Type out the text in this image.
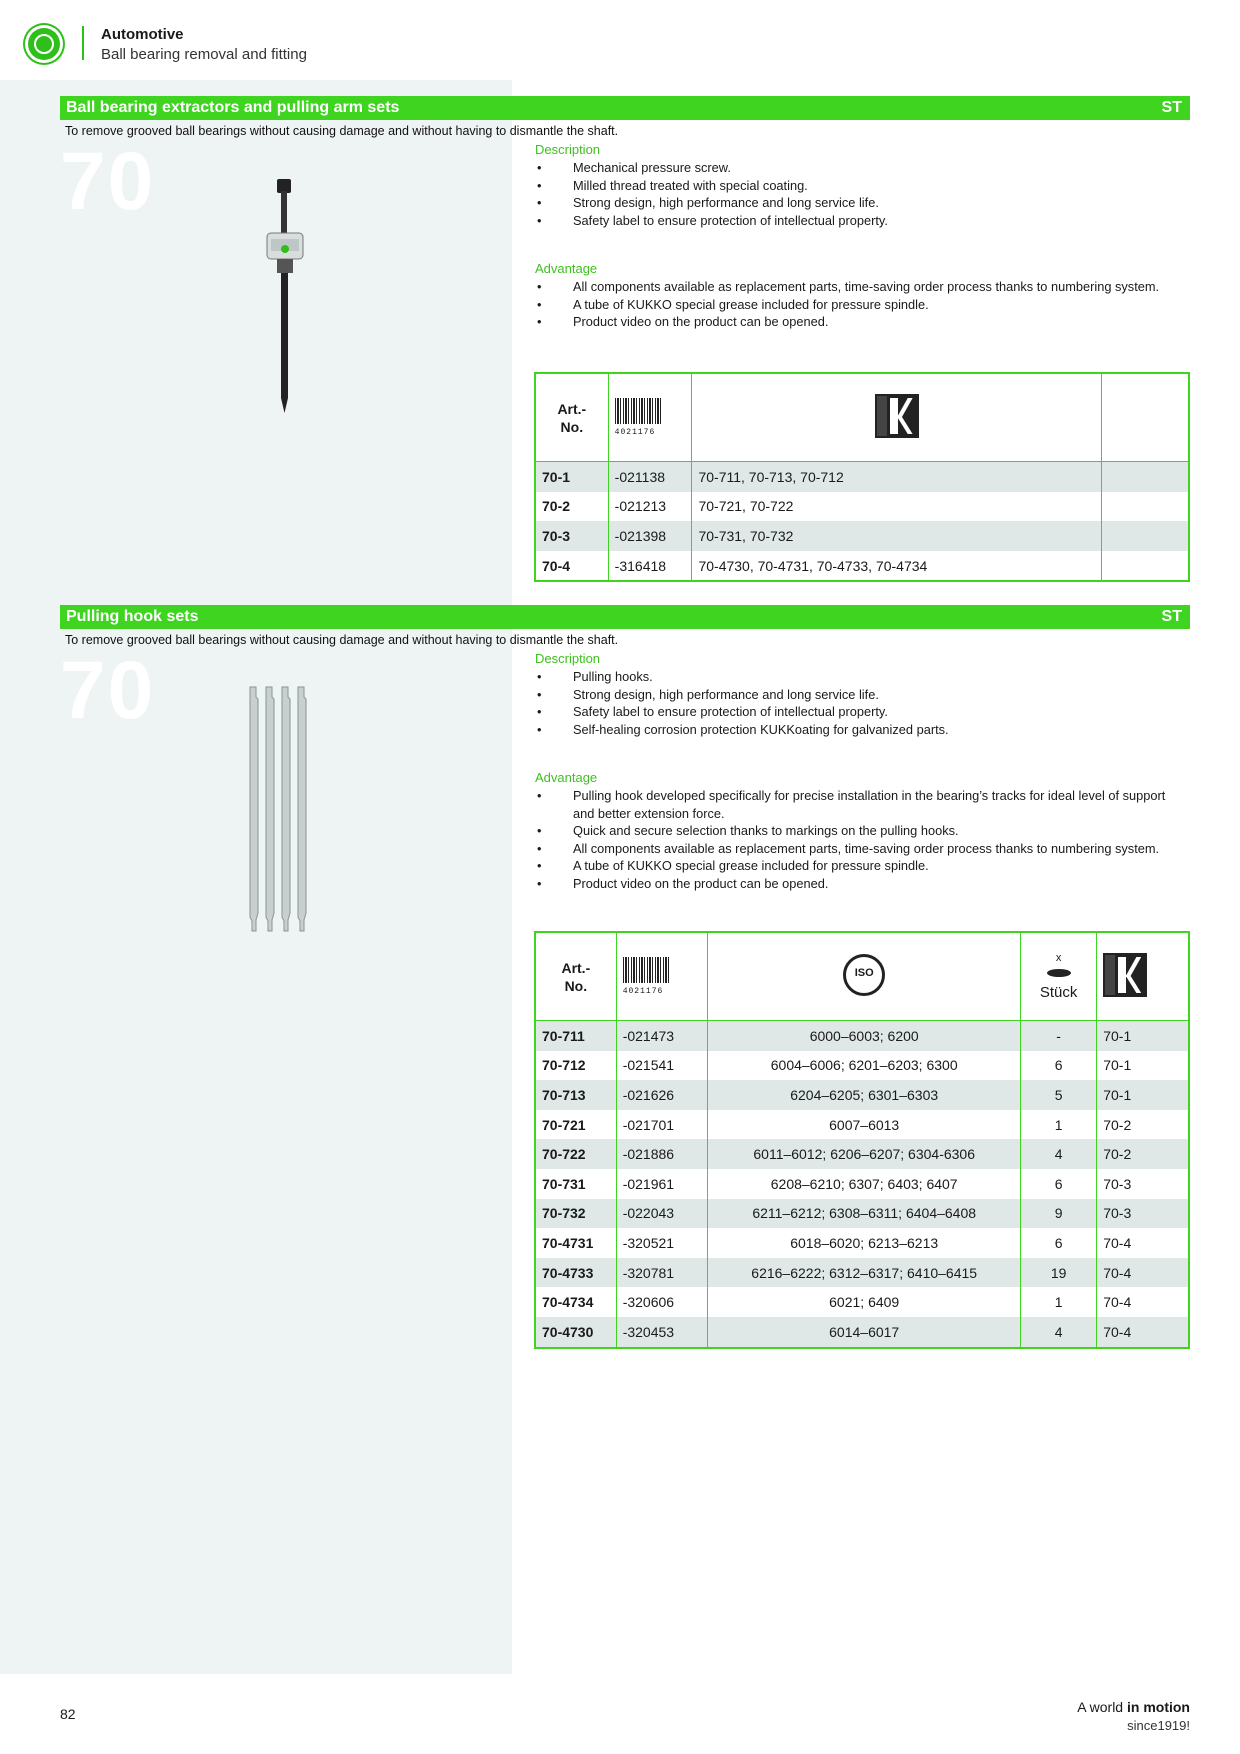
Automotive
Ball bearing removal and fitting
Ball bearing extractors and pulling arm sets	ST
To remove grooved ball bearings without causing damage and without having to dismantle the shaft.
70	Description
• Mechanical pressure screw.
• Milled thread treated with special coating.
• Strong design, high performance and long service life.
• Safety label to ensure protection of intellectual property.
Advantage
• All components available as replacement parts, time-saving order process thanks to numbering system.
• A tube of KUKKO special grease included for pressure spindle.
• Product video on the product can be opened.
Art.-
No.	4021176		

70-1	-021138	70-711, 70-713, 70-712	
70-2	-021213	70-721, 70-722	
70-3	-021398	70-731, 70-732	
70-4	-316418	70-4730, 70-4731, 70-4733, 70-4734	
Pulling hook sets	ST
To remove grooved ball bearings without causing damage and without having to dismantle the shaft.
70	Description
• Pulling hooks.
• Strong design, high performance and long service life.
• Safety label to ensure protection of intellectual property.
• Self-healing corrosion protection KUKKoating for galvanized parts.
Advantage
• Pulling hook developed specifically for precise installation in the bearing’s tracks for ideal level of support and better extension force.
• Quick and secure selection thanks to markings on the pulling hooks.
• All components available as replacement parts, time-saving order process thanks to numbering system.
• A tube of KUKKO special grease included for pressure spindle.
• Product video on the product can be opened.
Art.-
No.	4021176	ISO	x
Stück	

70-711	-021473	6000–6003; 6200	-	70-1
70-712	-021541	6004–6006; 6201–6203; 6300	6	70-1
70-713	-021626	6204–6205; 6301–6303	5	70-1
70-721	-021701	6007–6013	1	70-2
70-722	-021886	6011–6012; 6206–6207; 6304-6306	4	70-2
70-731	-021961	6208–6210; 6307; 6403; 6407	6	70-3
70-732	-022043	6211–6212; 6308–6311; 6404–6408	9	70-3
70-4731	-320521	6018–6020; 6213–6213	6	70-4
70-4733	-320781	6216–6222; 6312–6317; 6410–6415	19	70-4
70-4734	-320606	6021; 6409	1	70-4
70-4730	-320453	6014–6017	4	70-4
82	A world in motion
since1919!
